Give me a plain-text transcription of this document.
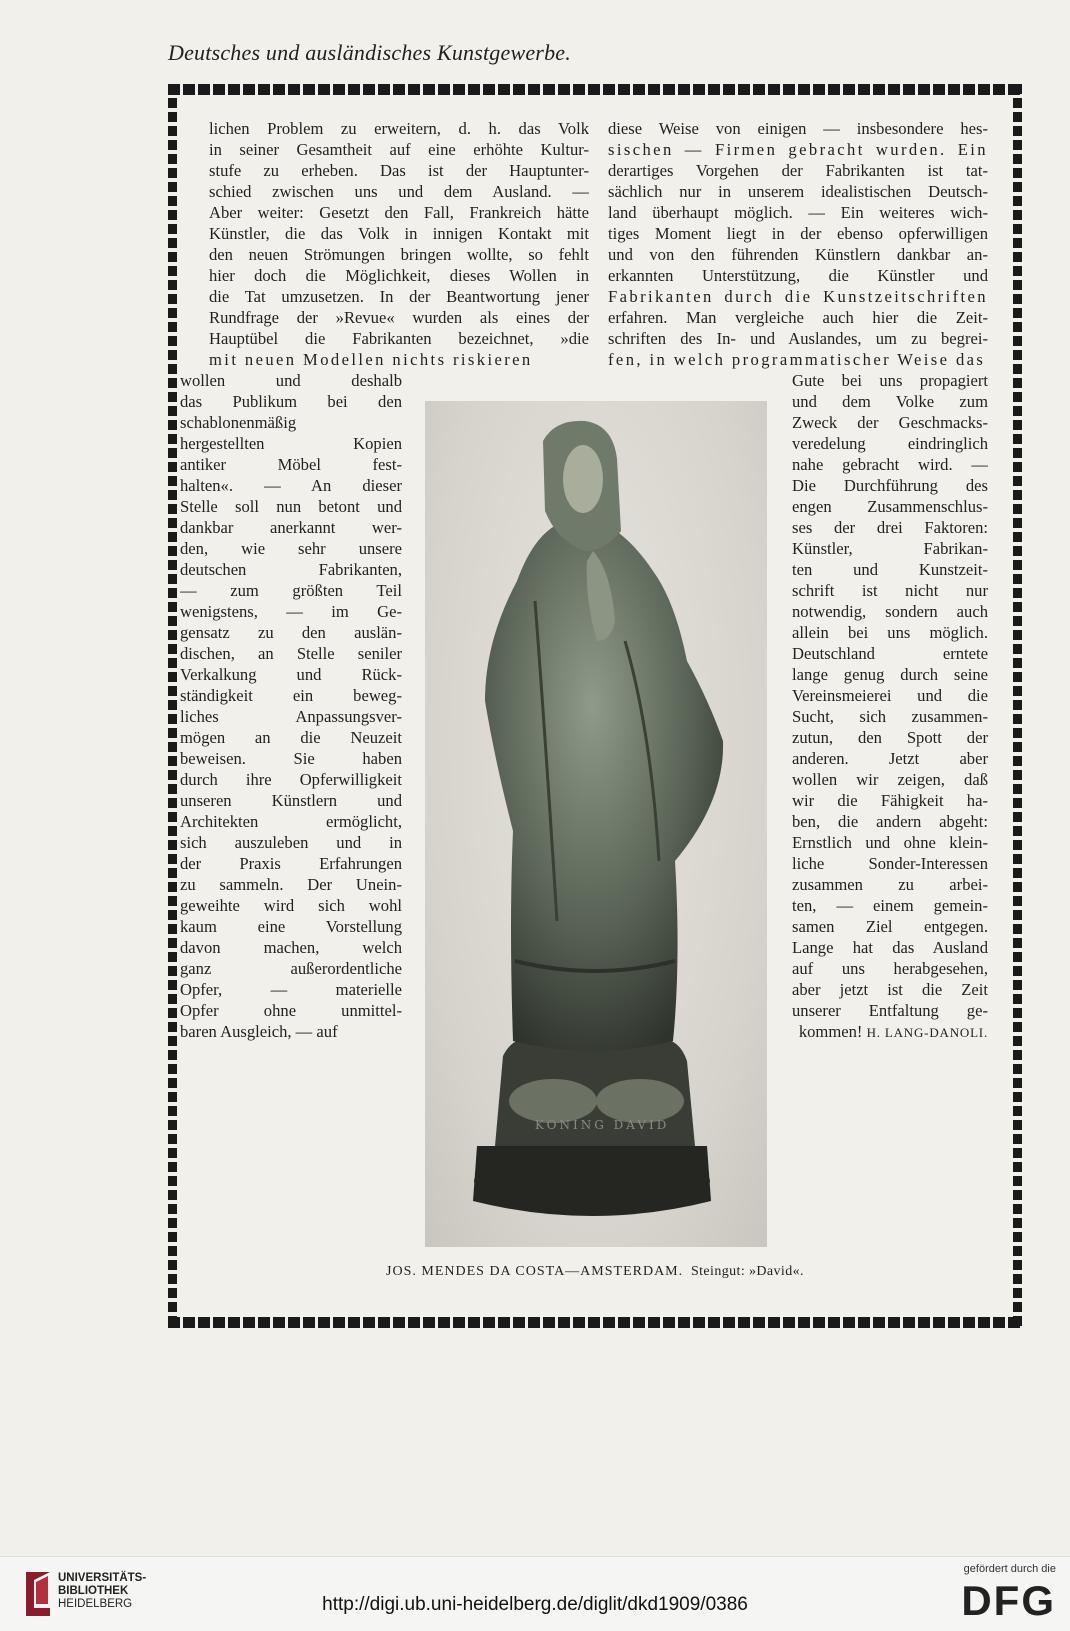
Deutsches und ausländisches Kunstgewerbe.
lichen Problem zu erweitern, d. h. das Volk
in seiner Gesamtheit auf eine erhöhte Kultur-
stufe zu erheben. Das ist der Hauptunter-
schied zwischen uns und dem Ausland. —
Aber weiter: Gesetzt den Fall, Frankreich hätte
Künstler, die das Volk in innigen Kontakt mit
den neuen Strömungen bringen wollte, so fehlt
hier doch die Möglichkeit, dieses Wollen in
die Tat umzusetzen. In der Beantwortung jener
Rundfrage der »Revue« wurden als eines der
Hauptübel die Fabrikanten bezeichnet, »die
mit neuen Modellen nichts riskieren
wollen und deshalb
das Publikum bei den
schablonenmäßig
hergestellten Kopien
antiker Möbel fest-
halten«. — An dieser
Stelle soll nun betont und
dankbar anerkannt wer-
den, wie sehr unsere
deutschen Fabrikanten,
— zum größten Teil
wenigstens, — im Ge-
gensatz zu den auslän-
dischen, an Stelle seniler
Verkalkung und Rück-
ständigkeit ein beweg-
liches Anpassungsver-
mögen an die Neuzeit
beweisen. Sie haben
durch ihre Opferwilligkeit
unseren Künstlern und
Architekten ermöglicht,
sich auszuleben und in
der Praxis Erfahrungen
zu sammeln. Der Unein-
geweihte wird sich wohl
kaum eine Vorstellung
davon machen, welch
ganz außerordentliche
Opfer, — materielle
Opfer ohne unmittel-
baren Ausgleich, — auf
diese Weise von einigen — insbesondere hes-
sischen — Firmen gebracht wurden. Ein
derartiges Vorgehen der Fabrikanten ist tat-
sächlich nur in unserem idealistischen Deutsch-
land überhaupt möglich. — Ein weiteres wich-
tiges Moment liegt in der ebenso opferwilligen
und von den führenden Künstlern dankbar an-
erkannten Unterstützung, die Künstler und
Fabrikanten durch die Kunstzeitschriften
erfahren. Man vergleiche auch hier die Zeit-
schriften des In- und Auslandes, um zu begrei-
fen, in welch programmatischer Weise das
Gute bei uns propagiert
und dem Volke zum
Zweck der Geschmacks-
veredelung eindringlich
nahe gebracht wird. —
Die Durchführung des
engen Zusammenschlus-
ses der drei Faktoren:
Künstler, Fabrikan-
ten und Kunstzeit-
schrift ist nicht nur
notwendig, sondern auch
allein bei uns möglich.
Deutschland erntete
lange genug durch seine
Vereinsmeierei und die
Sucht, sich zusammen-
zutun, den Spott der
anderen. Jetzt aber
wollen wir zeigen, daß
wir die Fähigkeit ha-
ben, die andern abgeht:
Ernstlich und ohne klein-
liche Sonder-Interessen
zusammen zu arbei-
ten, — einem gemein-
samen Ziel entgegen.
Lange hat das Ausland
auf uns herabgesehen,
aber jetzt ist die Zeit
unserer Entfaltung ge-
kommen! H. LANG-DANOLI.
KONING DAVID
JOS. MENDES DA COSTA—AMSTERDAM. Steingut: »David«.
UNIVERSITÄTS-
BIBLIOTHEK
HEIDELBERG	http://digi.ub.uni-heidelberg.de/diglit/dkd1909/0386
gefördert durch die
DFG
